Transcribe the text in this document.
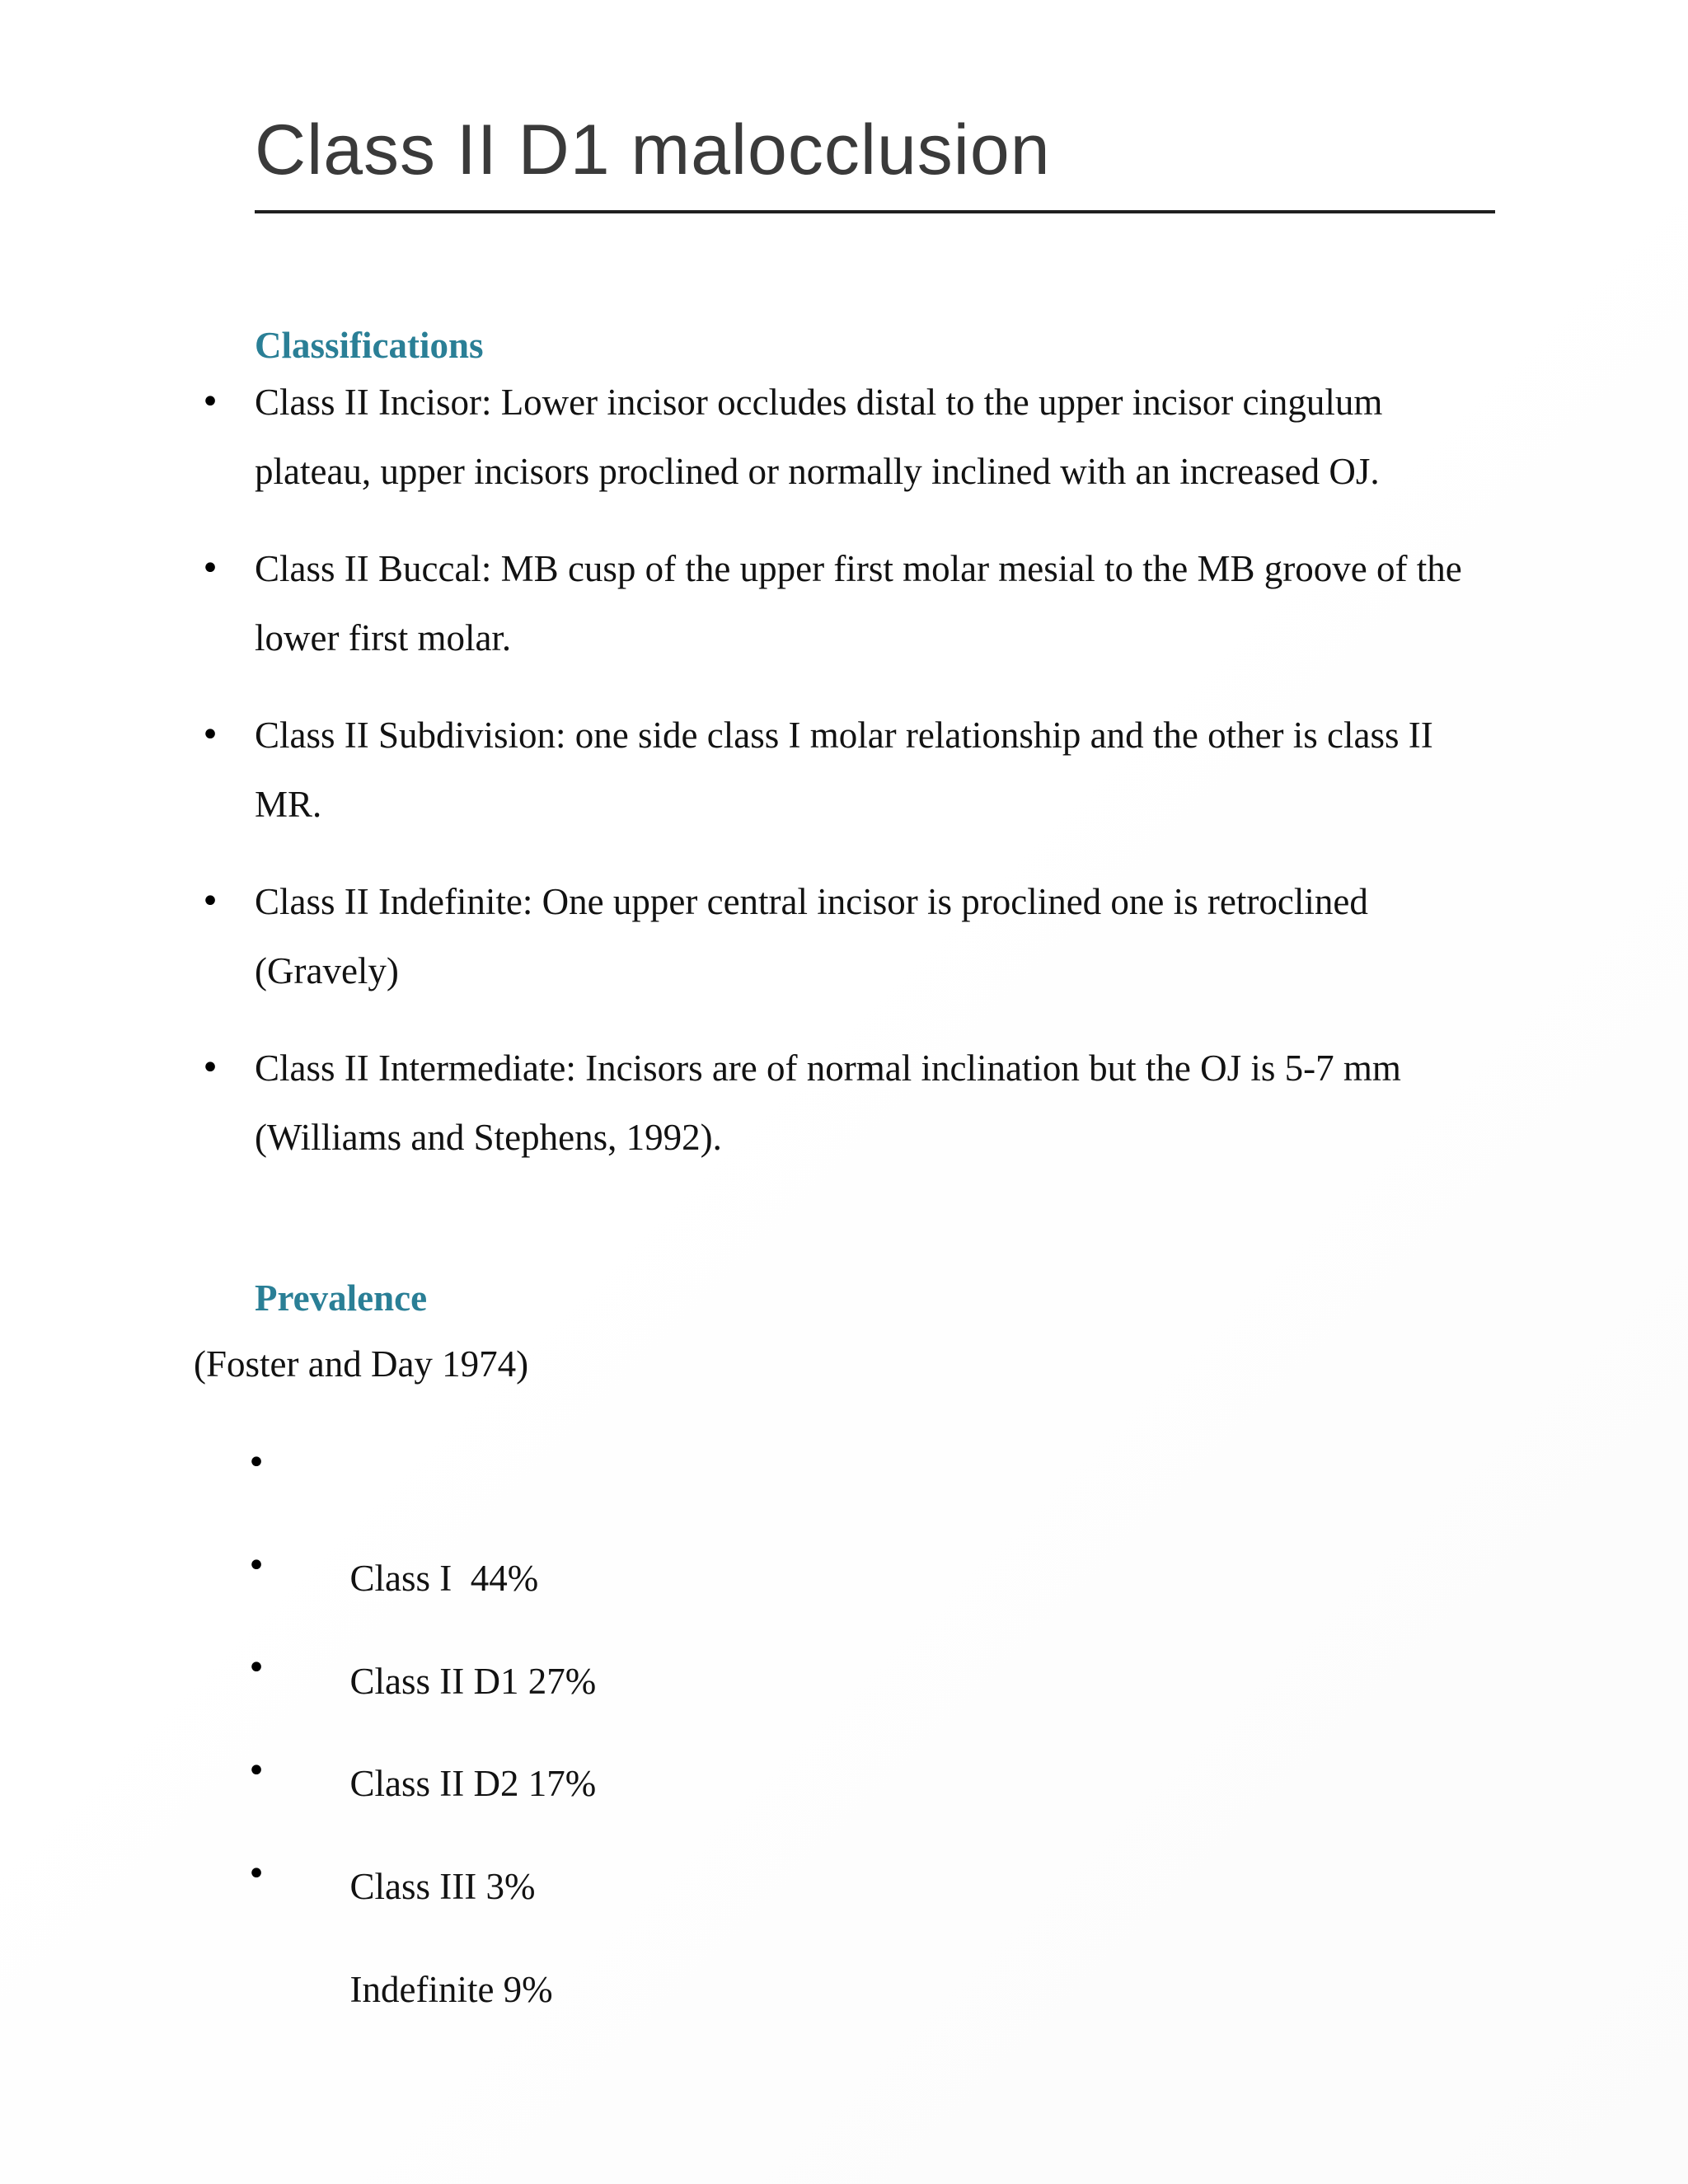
Class II D1 malocclusion
Classifications
• Class II Incisor: Lower incisor occludes distal to the upper incisor cingulum plateau, upper incisors proclined or normally inclined with an increased OJ.
• Class II Buccal: MB cusp of the upper first molar mesial to the MB groove of the lower first molar.
• Class II Subdivision: one side class I molar relationship and the other is class II MR.
• Class II Indefinite: One upper central incisor is proclined one is retroclined (Gravely)
• Class II Intermediate: Incisors are of normal inclination but the OJ is 5-7 mm (Williams and Stephens, 1992).
Prevalence
(Foster and Day 1974)

•

Class I  44%

•

Class II D1 27%

•

Class II D2 17%

•

Class III 3%

•

Indefinite 9%
